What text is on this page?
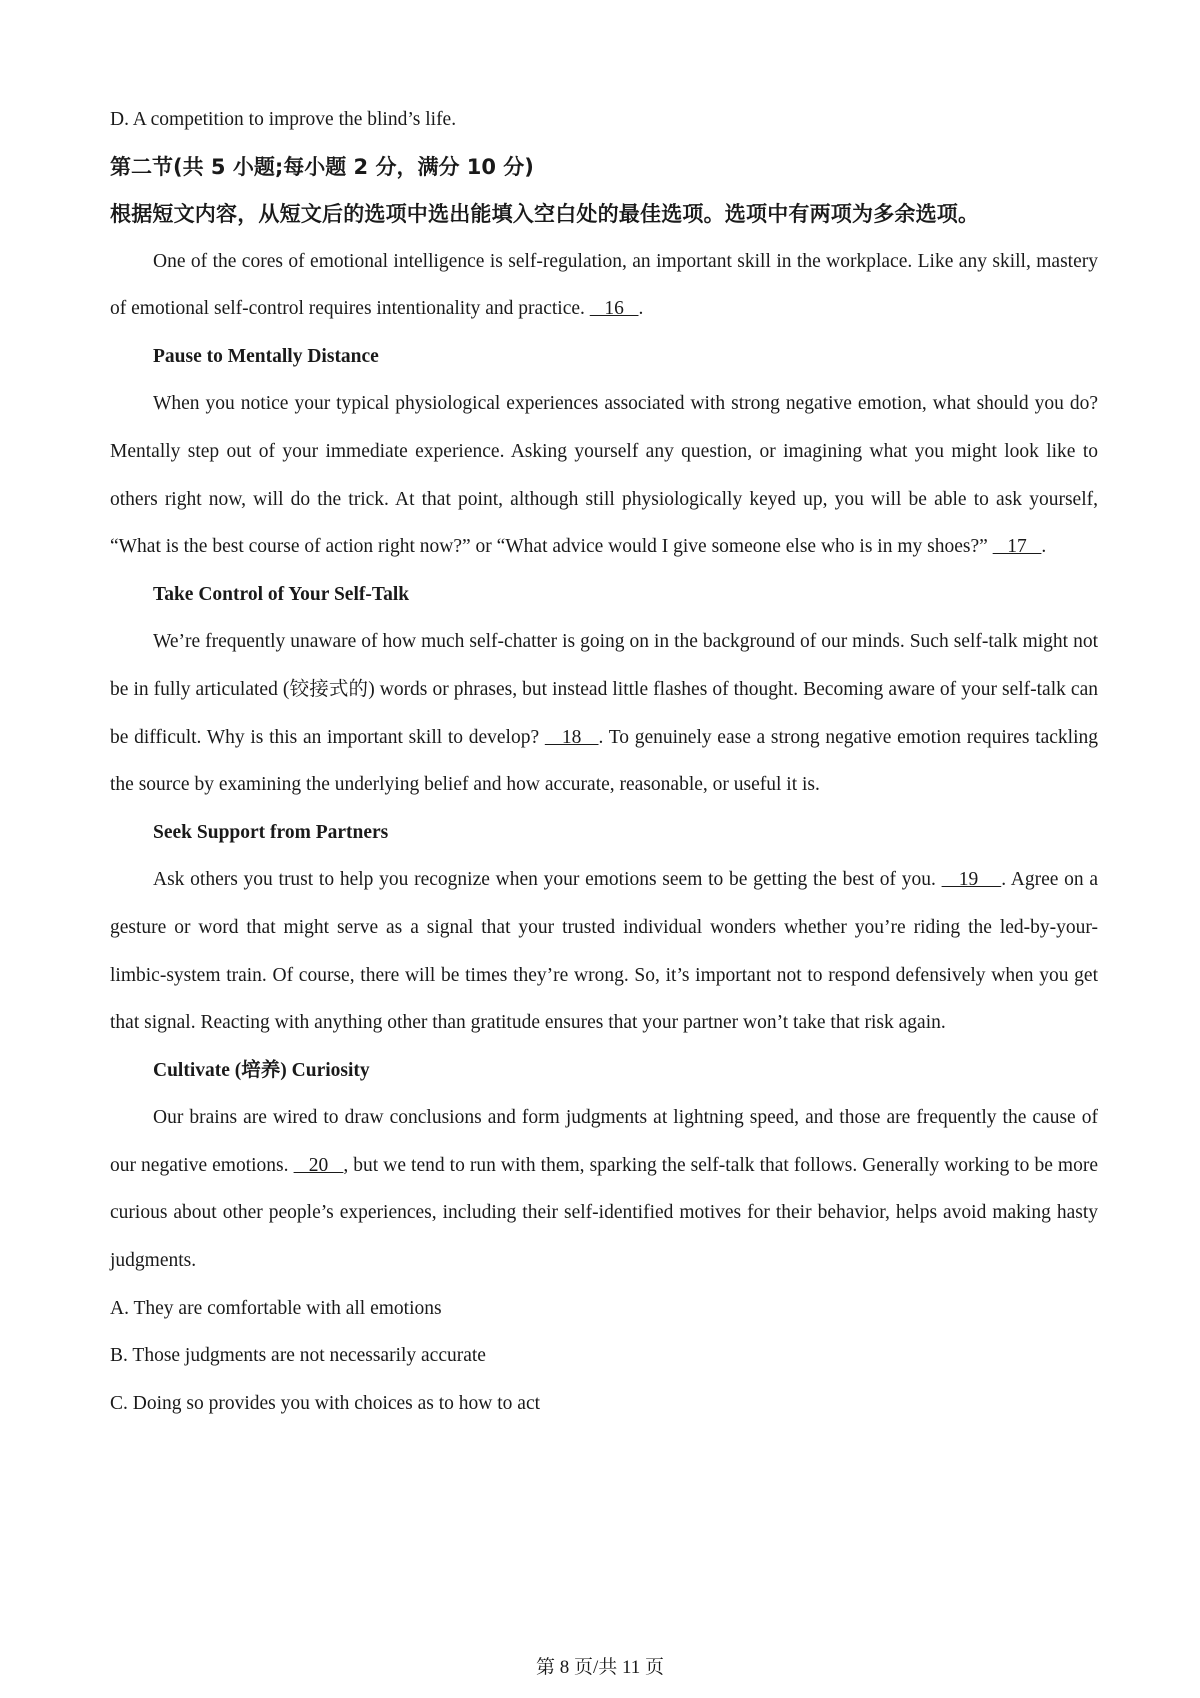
D. A competition to improve the blind’s life.

第二节(共 5 小题;每小题 2 分，满分 10 分)

根据短文内容，从短文后的选项中选出能填入空白处的最佳选项。选项中有两项为多余选项。

One of the cores of emotional intelligence is self-regulation, an important skill in the workplace. Like any skill, mastery of emotional self-control requires intentionality and practice.    16   .

Pause to Mentally Distance

When you notice your typical physiological experiences associated with strong negative emotion, what should you do? Mentally step out of your immediate experience. Asking yourself any question, or imagining what you might look like to others right now, will do the trick. At that point, although still physiologically keyed up, you will be able to ask yourself, “What is the best course of action right now?” or “What advice would I give someone else who is in my shoes?”    17   .

Take Control of Your Self-Talk

We’re frequently unaware of how much self-chatter is going on in the background of our minds. Such self-talk might not be in fully articulated (铰接式的) words or phrases, but instead little flashes of thought. Becoming aware of your self-talk can be difficult. Why is this an important skill to develop?    18   . To genuinely ease a strong negative emotion requires tackling the source by examining the underlying belief and how accurate, reasonable, or useful it is.

Seek Support from Partners

Ask others you trust to help you recognize when your emotions seem to be getting the best of you.    19    . Agree on a gesture or word that might serve as a signal that your trusted individual wonders whether you’re riding the led-by-your-limbic-system train. Of course, there will be times they’re wrong. So, it’s important not to respond defensively when you get that signal. Reacting with anything other than gratitude ensures that your partner won’t take that risk again.

Cultivate (培养) Curiosity

Our brains are wired to draw conclusions and form judgments at lightning speed, and those are frequently the cause of our negative emotions.    20   , but we tend to run with them, sparking the self-talk that follows. Generally working to be more curious about other people’s experiences, including their self-identified motives for their behavior, helps avoid making hasty judgments.

A. They are comfortable with all emotions

B. Those judgments are not necessarily accurate

C. Doing so provides you with choices as to how to act

第 8 页/共 11 页
